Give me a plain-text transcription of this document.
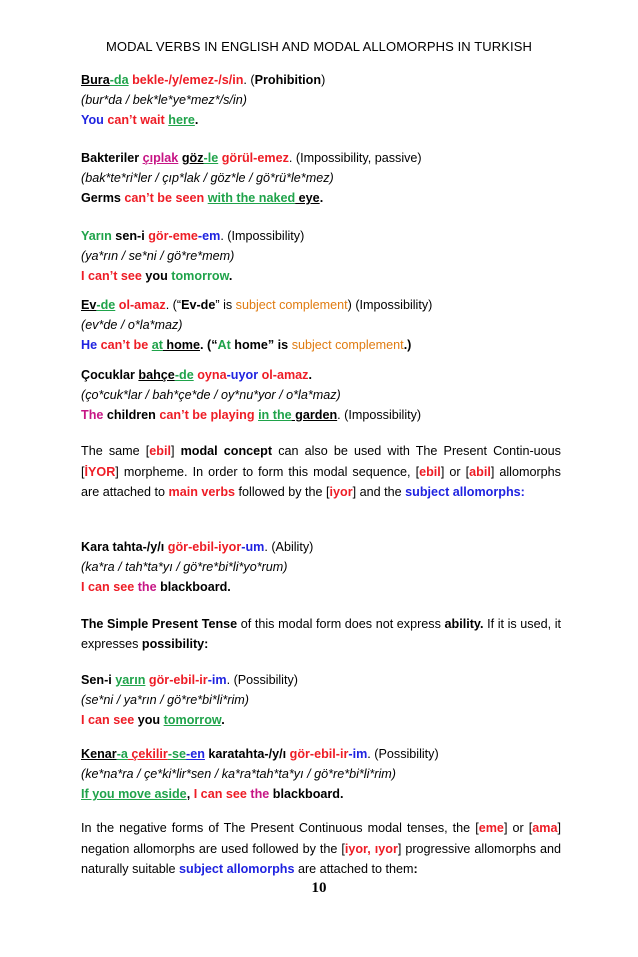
MODAL VERBS IN ENGLISH AND MODAL ALLOMORPHS IN TURKISH
Bura-da bekle-/y/emez-/s/in. (Prohibition)
(bur*da / bek*le*ye*mez*/s/in)
You can’t wait here.
Bakteriler çıplak göz-le görül-emez. (Impossibility, passive)
(bak*te*ri*ler / çıp*lak / göz*le / gö*rü*le*mez)
Germs can’t be seen with the naked eye.
Yarın sen-i gör-eme-em. (Impossibility)
(ya*rın / se*ni / gö*re*mem)
I can’t see you tomorrow.
Ev-de ol-amaz. (“Ev-de” is subject complement) (Impossibility)
(ev*de / o*la*maz)
He can’t be at home. (“At home” is subject complement.)
Çocuklar bahçe-de oyna-uyor ol-amaz.
(ço*cuk*lar / bah*çe*de / oy*nu*yor / o*la*maz)
The children can’t be playing in the garden. (Impossibility)
The same [ebil] modal concept can also be used with The Present Contin-uous [İYOR] morpheme. In order to form this modal sequence, [ebil] or [abil] allomorphs are attached to main verbs followed by the [iyor] and the subject allomorphs:
Kara tahta-/y/ı gör-ebil-iyor-um. (Ability)
(ka*ra / tah*ta*yı / gö*re*bi*li*yo*rum)
I can see the blackboard.
The Simple Present Tense of this modal form does not express ability. If it is used, it expresses possibility:
Sen-i yarın gör-ebil-ir-im. (Possibility)
(se*ni / ya*rın / gö*re*bi*li*rim)
I can see you tomorrow.
Kenar-a çekilir-se-en karatahta-/y/ı gör-ebil-ir-im. (Possibility)
(ke*na*ra / çe*ki*lir*sen / ka*ra*tah*ta*yı / gö*re*bi*li*rim)
If you move aside, I can see the blackboard.
In the negative forms of The Present Continuous modal tenses, the [eme] or [ama] negation allomorphs are used followed by the [iyor, ıyor] progressive allomorphs and naturally suitable subject allomorphs are attached to them:
10
